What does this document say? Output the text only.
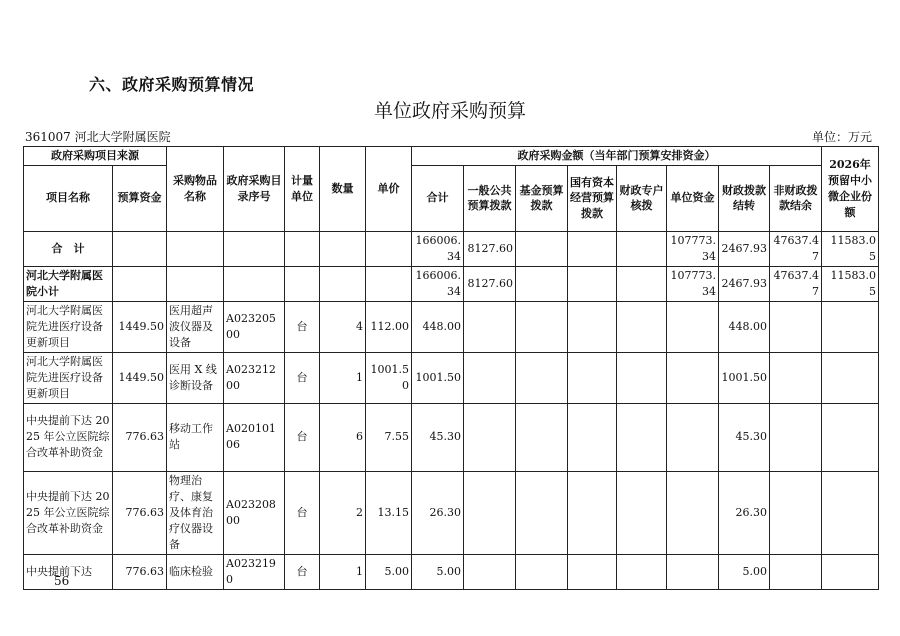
六、政府采购预算情况
单位政府采购预算
361007 河北大学附属医院	单位：万元
政府采购项目来源		采购物品名称	政府采购目录序号	计量单位	数量	单价	政府采购金额（当年部门预算安排资金）								2026年预留中小微企业份额
项目名称	预算资金						合计	一般公共预算拨款	基金预算拨款	国有资本经营预算拨款	财政专户核拨	单位资金	财政拨款结转	非财政拨款结余	
合　计							166006.34	8127.60				107773.34	2467.93	47637.47	11583.05
河北大学附属医院小计							166006.34	8127.60				107773.34	2467.93	47637.47	11583.05
河北大学附属医院先进医疗设备更新项目	1449.50	医用超声波仪器及设备	A02320500	台	4	112.00	448.00						448.00		
河北大学附属医院先进医疗设备更新项目	1449.50	医用 X 线诊断设备	A02321200	台	1	1001.50	1001.50						1001.50		
中央提前下达 2025 年公立医院综合改革补助资金	776.63	移动工作站	A02010106	台	6	7.55	45.30						45.30		
中央提前下达 2025 年公立医院综合改革补助资金	776.63	物理治疗、康复及体育治疗仪器设备	A02320800	台	2	13.15	26.30						26.30		
中央提前下达	776.63	临床检验	A0232190	台	1	5.00	5.00						5.00		
56
